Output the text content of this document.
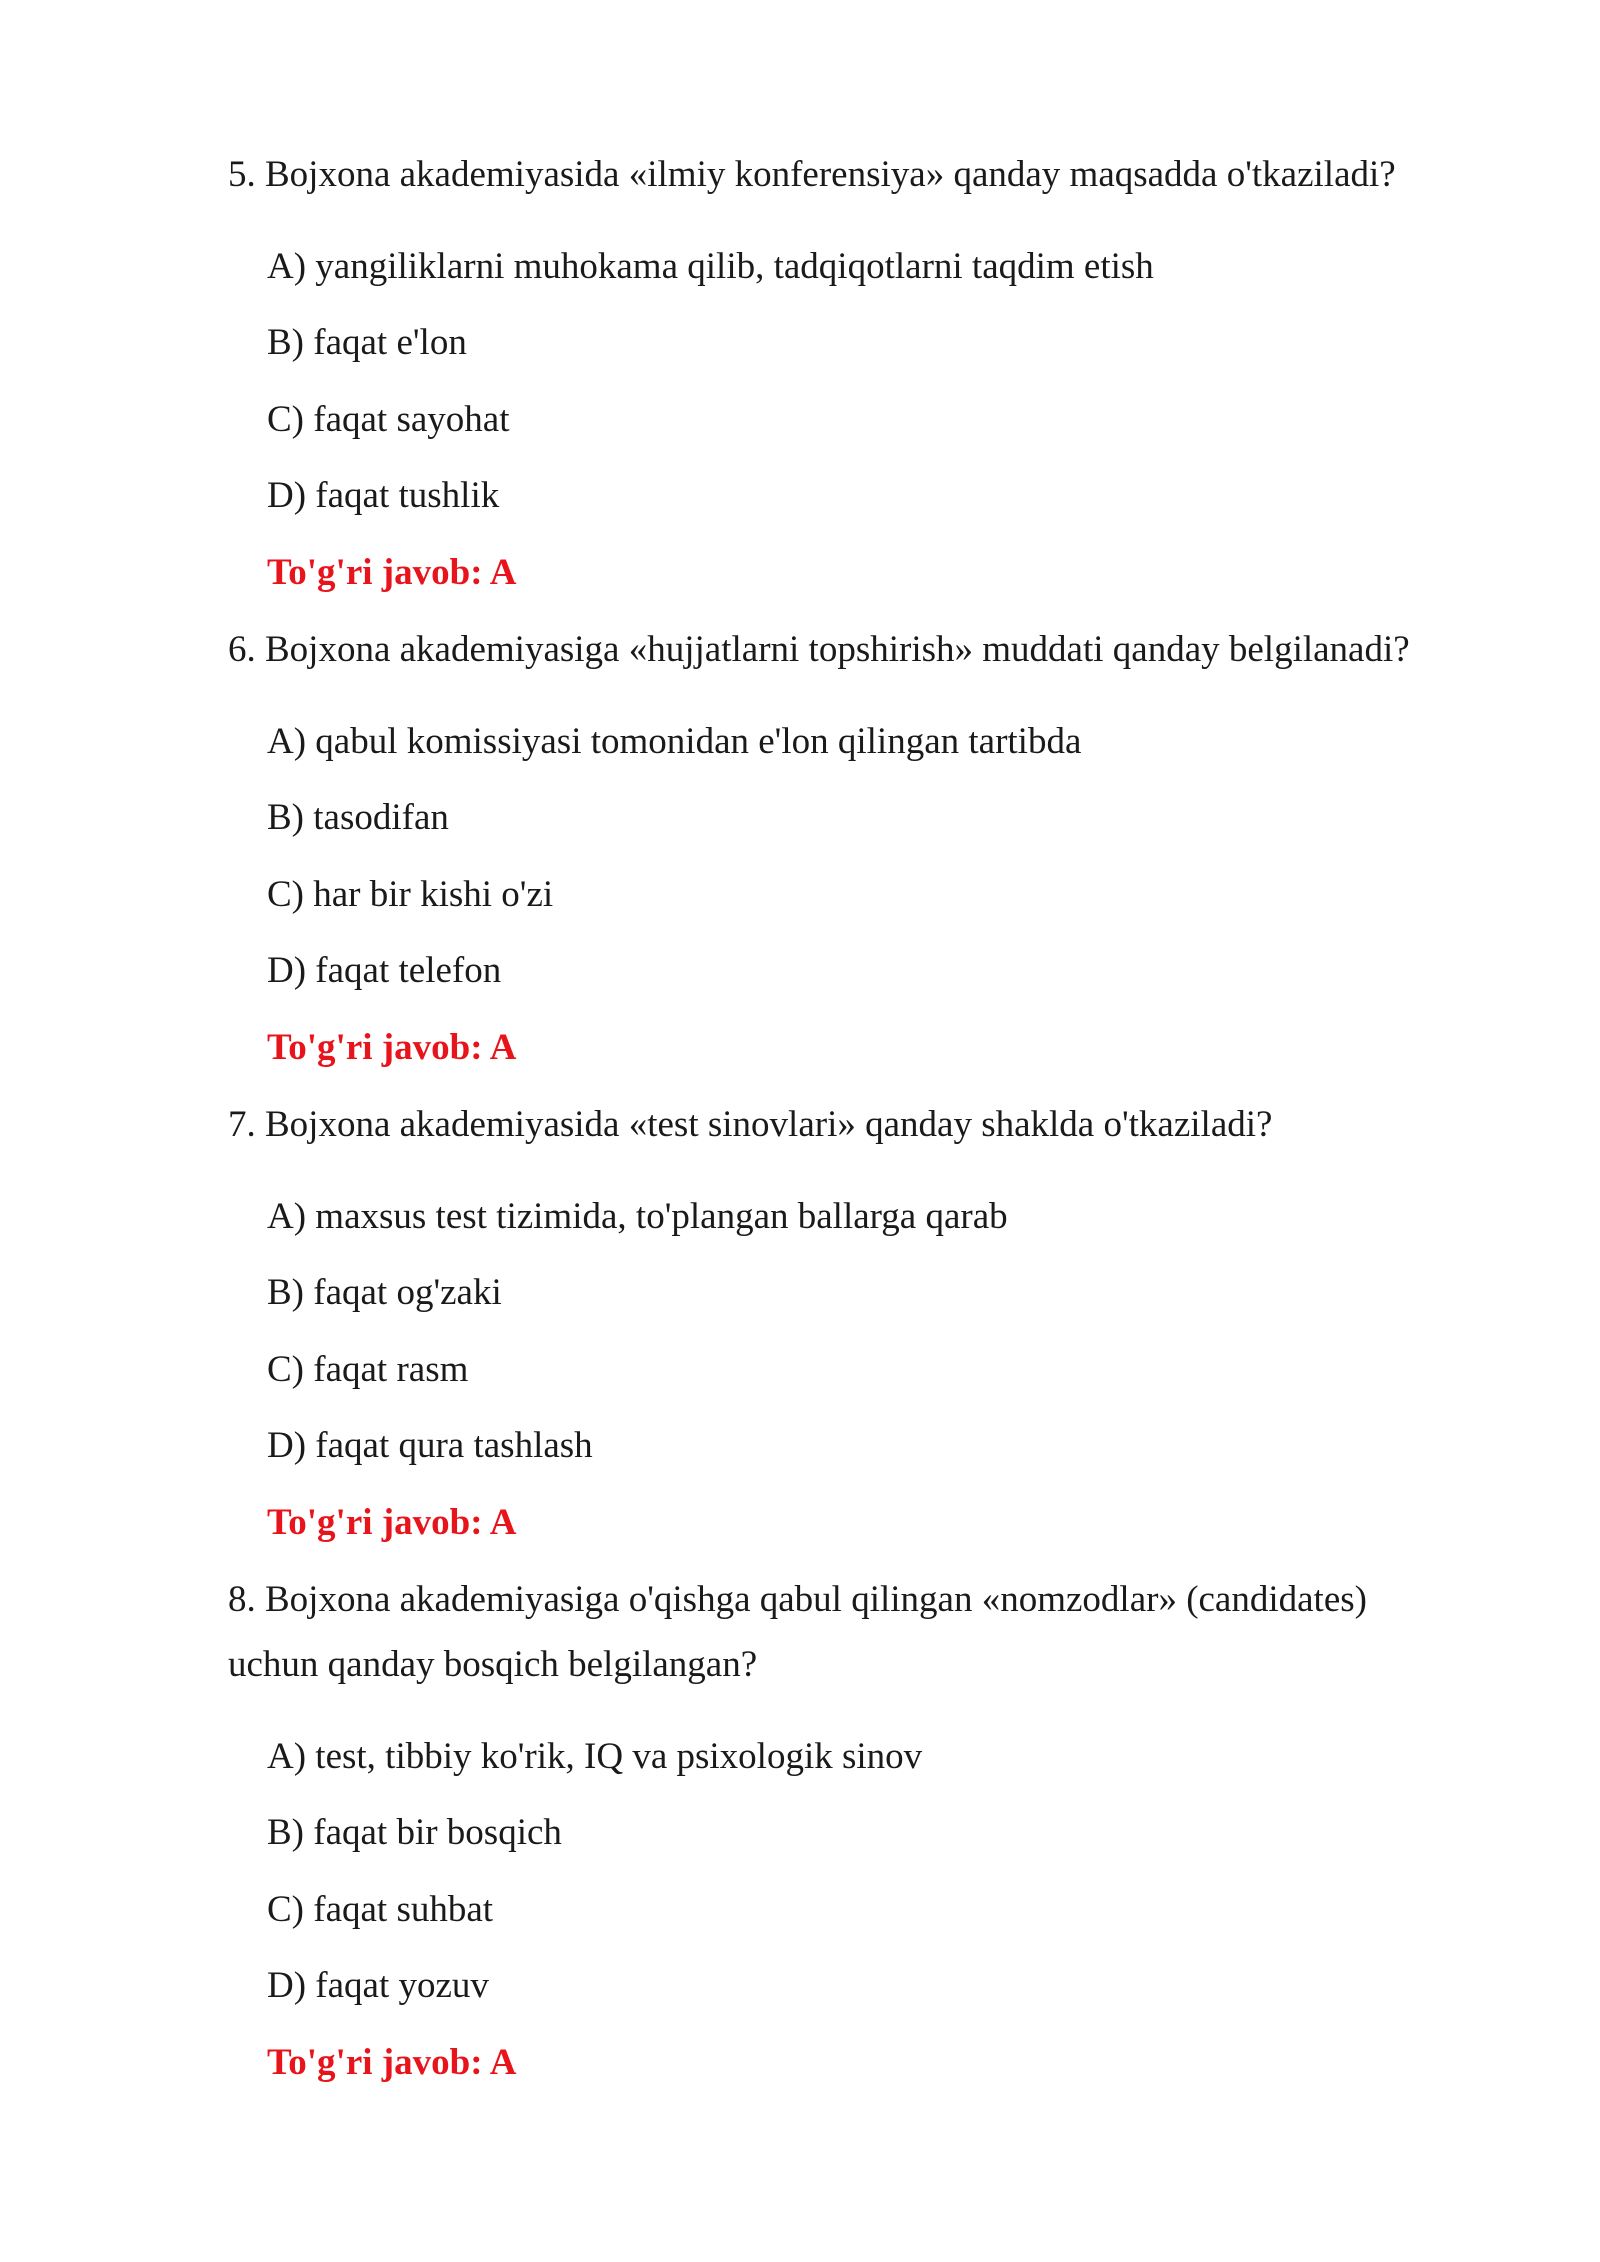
5. Bojxona akademiyasida «ilmiy konferensiya» qanday maqsadda o'tkaziladi?
A) yangiliklarni muhokama qilib, tadqiqotlarni taqdim etish
B) faqat e'lon
C) faqat sayohat
D) faqat tushlik
To'g'ri javob: A
6. Bojxona akademiyasiga «hujjatlarni topshirish» muddati qanday belgilanadi?
A) qabul komissiyasi tomonidan e'lon qilingan tartibda
B) tasodifan
C) har bir kishi o'zi
D) faqat telefon
To'g'ri javob: A
7. Bojxona akademiyasida «test sinovlari» qanday shaklda o'tkaziladi?
A) maxsus test tizimida, to'plangan ballarga qarab
B) faqat og'zaki
C) faqat rasm
D) faqat qura tashlash
To'g'ri javob: A
8. Bojxona akademiyasiga o'qishga qabul qilingan «nomzodlar» (candidates)
uchun qanday bosqich belgilangan?
A) test, tibbiy ko'rik, IQ va psixologik sinov
B) faqat bir bosqich
C) faqat suhbat
D) faqat yozuv
To'g'ri javob: A
